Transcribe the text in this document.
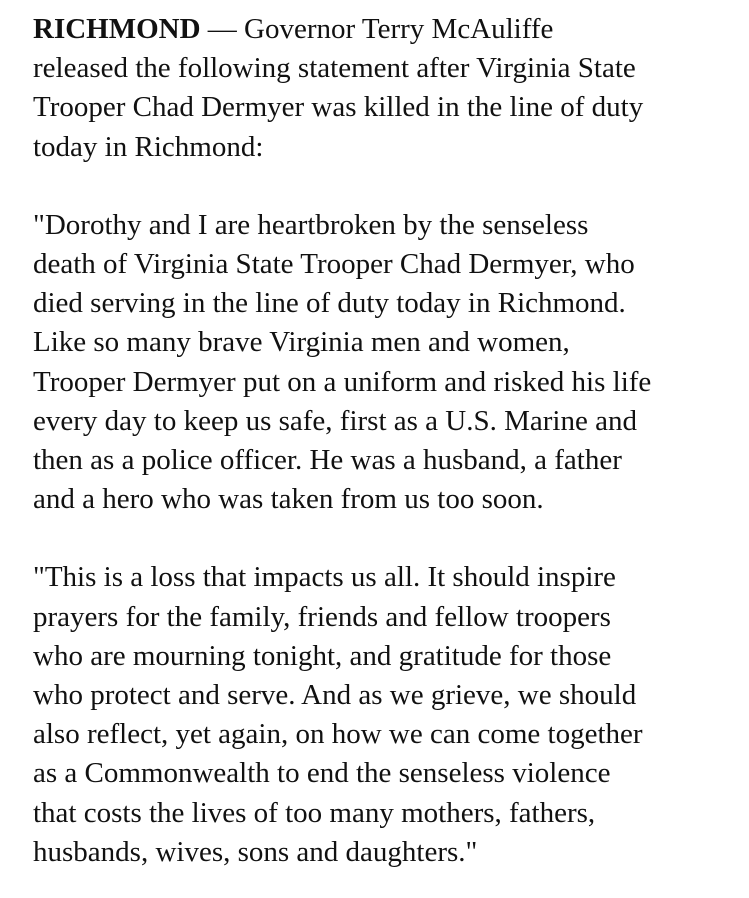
RICHMOND — Governor Terry McAuliffe
released the following statement after Virginia State
Trooper Chad Dermyer was killed in the line of duty
today in Richmond:

"Dorothy and I are heartbroken by the senseless
death of Virginia State Trooper Chad Dermyer, who
died serving in the line of duty today in Richmond.
Like so many brave Virginia men and women,
Trooper Dermyer put on a uniform and risked his life
every day to keep us safe, first as a U.S. Marine and
then as a police officer. He was a husband, a father
and a hero who was taken from us too soon.

"This is a loss that impacts us all. It should inspire
prayers for the family, friends and fellow troopers
who are mourning tonight, and gratitude for those
who protect and serve. And as we grieve, we should
also reflect, yet again, on how we can come together
as a Commonwealth to end the senseless violence
that costs the lives of too many mothers, fathers,
husbands, wives, sons and daughters."
